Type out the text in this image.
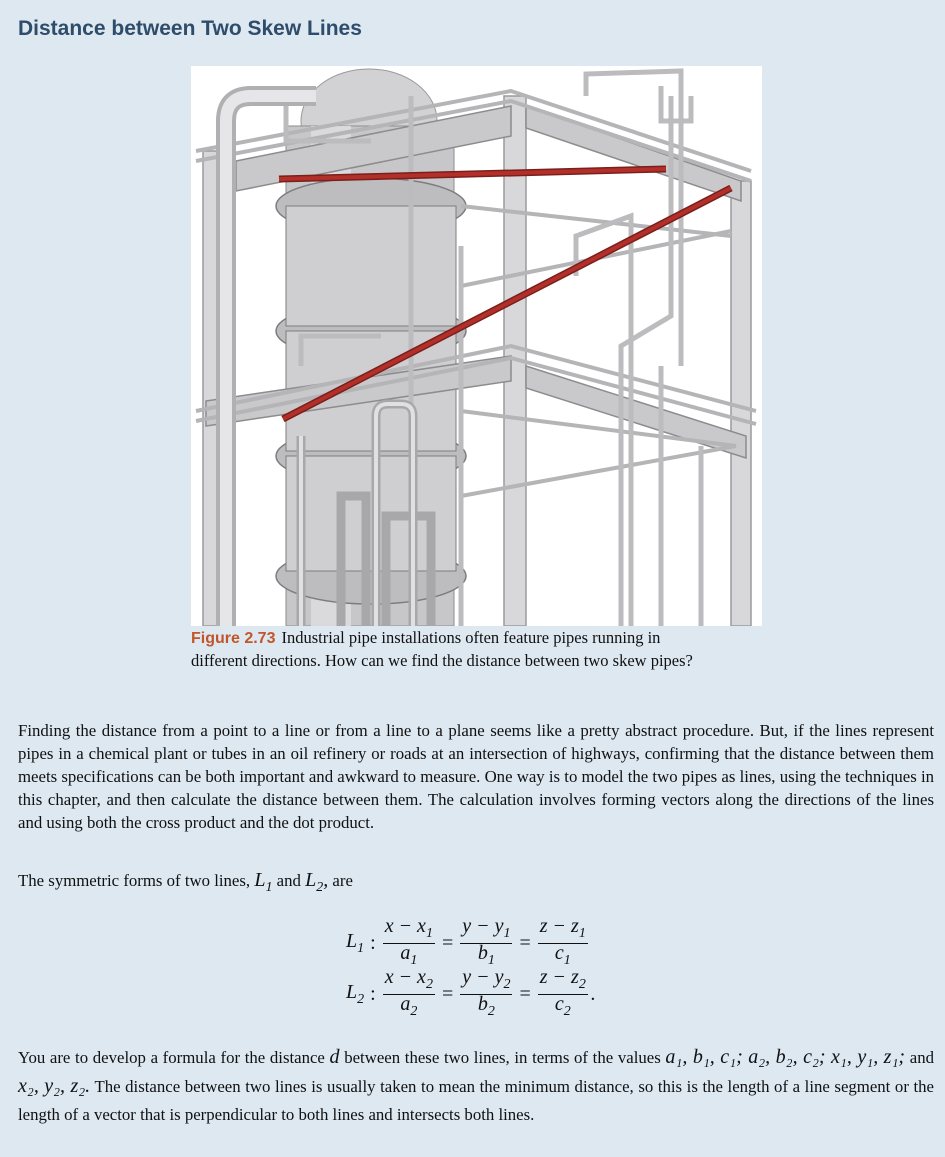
Distance between Two Skew Lines
Figure 2.73 Industrial pipe installations often feature pipes running in
different directions. How can we find the distance between two skew pipes?

Finding the distance from a point to a line or from a line to a plane seems like a pretty abstract procedure. But, if the lines represent pipes in a chemical plant or tubes in an oil refinery or roads at an intersection of highways, confirming that the distance between them meets specifications can be both important and awkward to measure. One way is to model the two pipes as lines, using the techniques in this chapter, and then calculate the distance between them. The calculation involves forming vectors along the directions of the lines and using both the cross product and the dot product.

The symmetric forms of two lines, $L_1$ and $L_2$, are

$L_1$ : $\frac{x - x_1}{a_1} = \frac{y - y_1}{b_1} = \frac{z - z_1}{c_1}$
$L_2$ : $\frac{x - x_2}{a_2} = \frac{y - y_2}{b_2} = \frac{z - z_2}{c_2}$ .

You are to develop a formula for the distance d between these two lines, in terms of the values a₁, b₁, c₁; a₂, b₂, c₂; x₁, y₁, z₁; and x₂, y₂, z₂. The distance between two lines is usually taken to mean the minimum distance, so this is the length of a line segment or the length of a vector that is perpendicular to both lines and intersects both lines.
